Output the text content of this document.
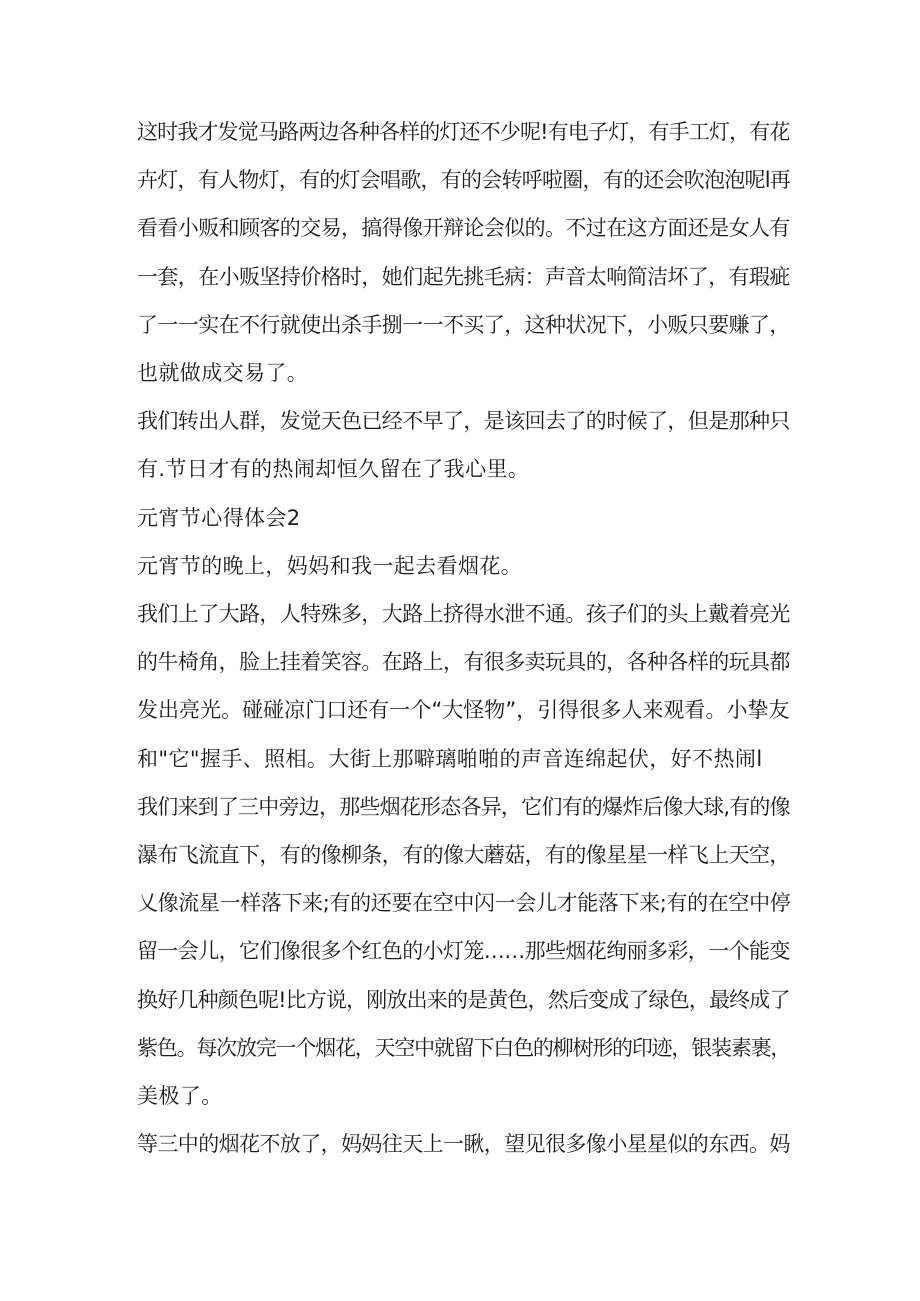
这时我才发觉马路两边各种各样的灯还不少呢!有电子灯，有手工灯，有花
卉灯，有人物灯，有的灯会唱歌，有的会转呼啦圈，有的还会吹泡泡呢l再
看看小贩和顾客的交易，搞得像开辩论会似的。不过在这方面还是女人有
一套，在小贩坚持价格时，她们起先挑毛病：声音太响简洁坏了，有瑕疵
了一一实在不行就使出杀手捌一一不买了，这种状况下，小贩只要赚了，
也就做成交易了。
我们转出人群，发觉天色已经不早了，是该回去了的时候了，但是那种只
有.节日才有的热闹却恒久留在了我心里。
元宵节心得体会2
元宵节的晚上，妈妈和我一起去看烟花。
我们上了大路，人特殊多，大路上挤得水泄不通。孩子们的头上戴着亮光
的牛椅角，脸上挂着笑容。在路上，有很多卖玩具的，各种各样的玩具都
发出亮光。碰碰凉门口还有一个“大怪物”，引得很多人来观看。小挚友
和"它"握手、照相。大街上那噼璃啪啪的声音连绵起伏，好不热闹l
我们来到了三中旁边，那些烟花形态各异，它们有的爆炸后像大球,有的像
瀑布飞流直下，有的像柳条，有的像大蘑菇，有的像星星一样飞上天空，
乂像流星一样落下来;有的还要在空中闪一会儿才能落下来;有的在空中停
留一会儿，它们像很多个红色的小灯笼……那些烟花绚丽多彩，一个能变
换好几种颜色呢!比方说，刚放出来的是黄色，然后变成了绿色，最终成了
紫色。每次放完一个烟花，天空中就留下白色的柳树形的印迹，银装素裹，
美极了。
等三中的烟花不放了，妈妈往天上一瞅，望见很多像小星星似的东西。妈
